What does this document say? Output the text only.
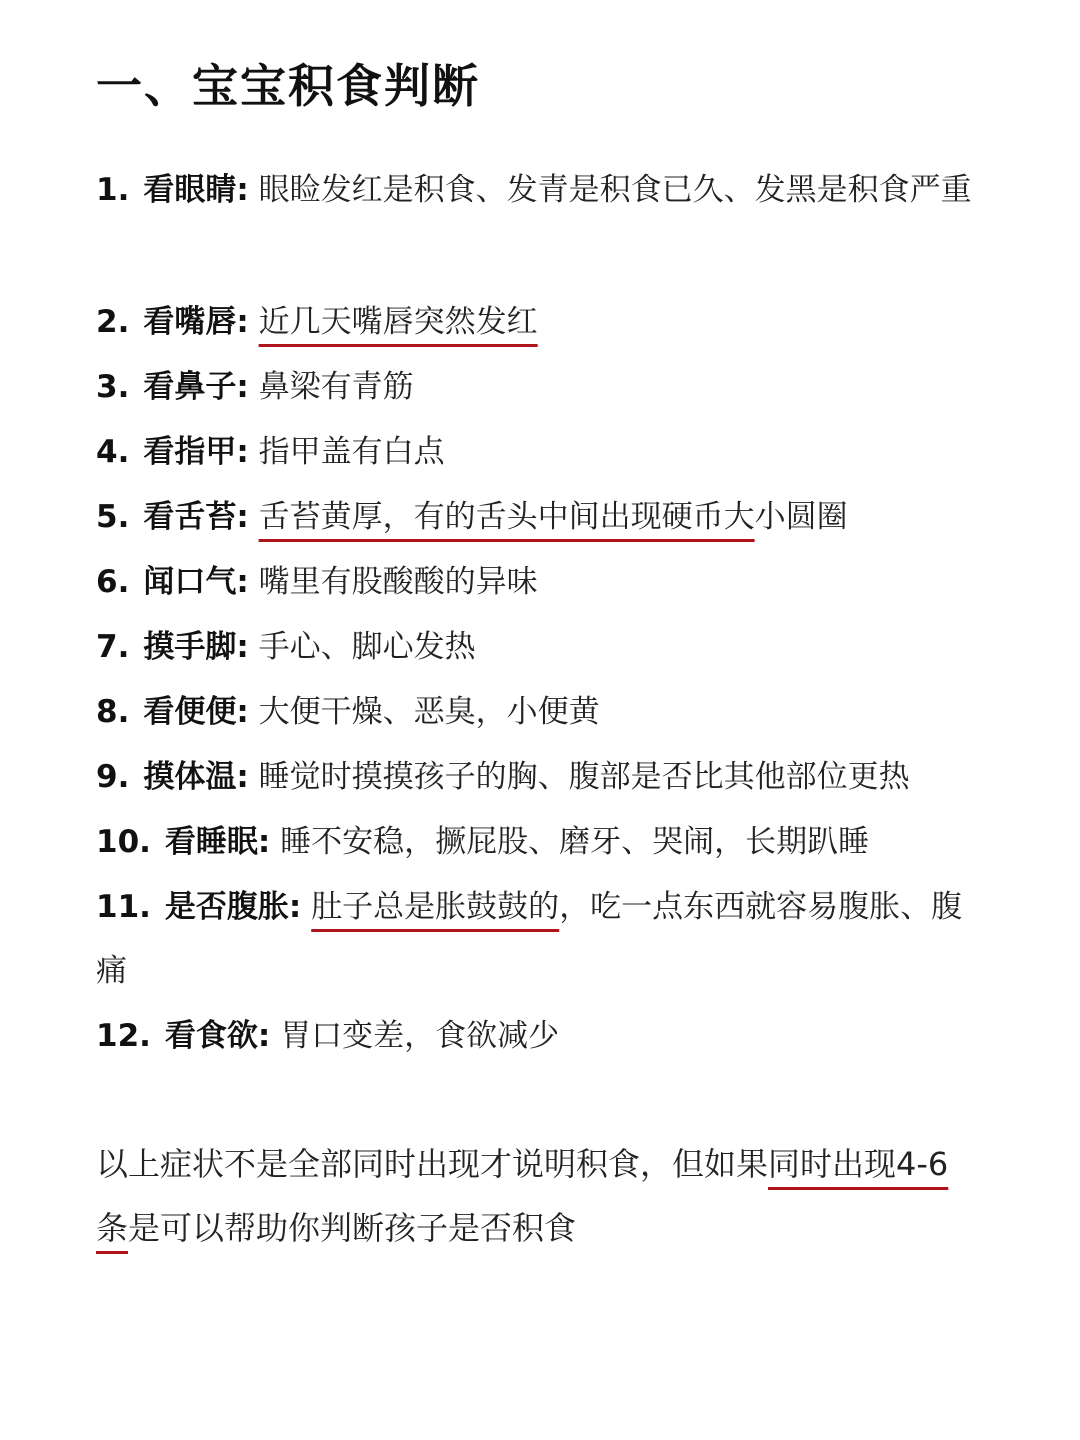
一、宝宝积食判断
1. 看眼睛: 眼睑发红是积食、发青是积食已久、发黑是积食严重
2. 看嘴唇: 近几天嘴唇突然发红
3. 看鼻子: 鼻梁有青筋
4. 看指甲: 指甲盖有白点
5. 看舌苔: 舌苔黄厚，有的舌头中间出现硬币大小圆圈
6. 闻口气: 嘴里有股酸酸的异味
7. 摸手脚: 手心、脚心发热
8. 看便便: 大便干燥、恶臭，小便黄
9. 摸体温: 睡觉时摸摸孩子的胸、腹部是否比其他部位更热
10. 看睡眠: 睡不安稳，撅屁股、磨牙、哭闹，长期趴睡
11. 是否腹胀: 肚子总是胀鼓鼓的，吃一点东西就容易腹胀、腹痛
12. 看食欲: 胃口变差，食欲减少

以上症状不是全部同时出现才说明积食，但如果同时出现4-6条是可以帮助你判断孩子是否积食
